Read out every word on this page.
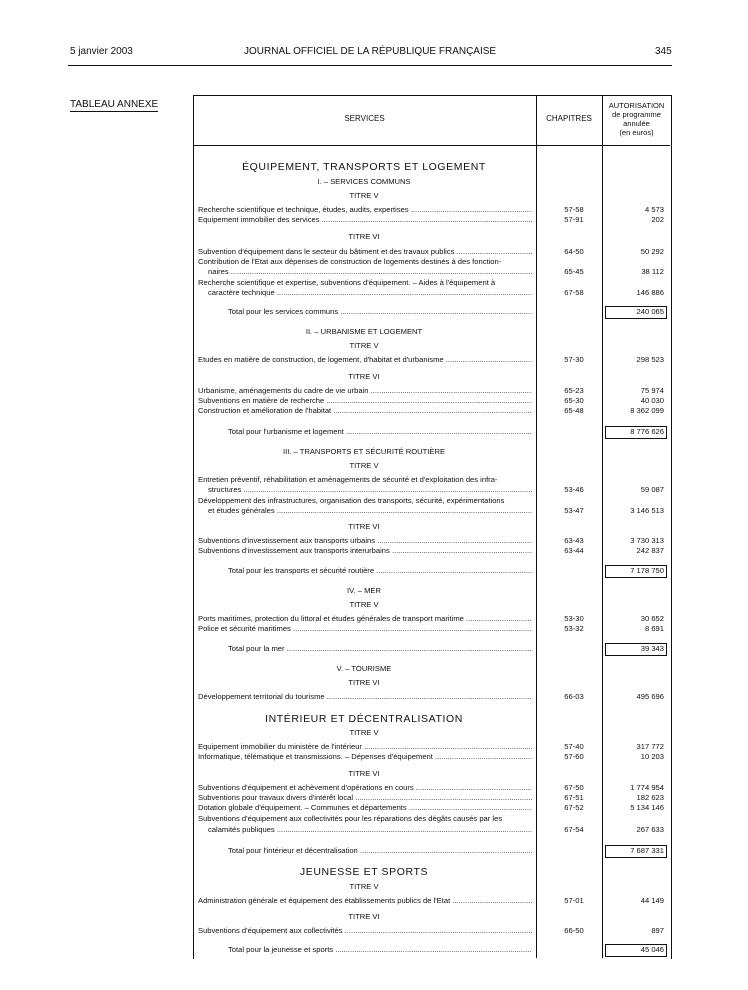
5 janvier 2003	JOURNAL OFFICIEL DE LA RÉPUBLIQUE FRANÇAISE	345
TABLEAU ANNEXE
SERVICES	CHAPITRES
AUTORISATION
de programme
annulée
(en euros)
ÉQUIPEMENT, TRANSPORTS ET LOGEMENT
I. – SERVICES COMMUNS
TITRE V
Recherche scientifique et technique, études, audits, expertises .....	57-58	4 573
Equipement immobilier des services .....	57-91	202
TITRE VI
Subvention d'équipement dans le secteur du bâtiment et des travaux publics .....	64-50	50 292
Contribution de l'Etat aux dépenses de construction de logements destinés à des fonction-
naires .....	65-45	38 112
Recherche scientifique et expertise, subventions d'équipement. – Aides à l'équipement à
caractère technique .....	67-58	146 886
Total pour les services communs .....	240 065
II. – URBANISME ET LOGEMENT
TITRE V
Etudes en matière de construction, de logement, d'habitat et d'urbanisme .....	57-30	298 523
TITRE VI
Urbanisme, aménagements du cadre de vie urbain .....	65-23	75 974
Subventions en matière de recherche .....	65-30	40 030
Construction et amélioration de l'habitat .....	65-48	8 362 099
Total pour l'urbanisme et logement .....	8 776 626
III. – TRANSPORTS ET SÉCURITÉ ROUTIÈRE
TITRE V
Entretien préventif, réhabilitation et aménagements de sécurité et d'exploitation des infra-
structures .....	53-46	59 087
Développement des infrastructures, organisation des transports, sécurité, expérimentations
et études générales .....	53-47	3 146 513
TITRE VI
Subventions d'investissement aux transports urbains .....	63-43	3 730 313
Subventions d'investissement aux transports interurbains .....	63-44	242 837
Total pour les transports et sécurité routière .....	7 178 750
IV. – MER
TITRE V
Ports maritimes, protection du littoral et études générales de transport maritime .....	53-30	30 652
Police et sécurité maritimes .....	53-32	8 691
Total pour la mer .....	39 343
V. – TOURISME
TITRE VI
Développement territorial du tourisme .....	66-03	495 696
INTÉRIEUR ET DÉCENTRALISATION
TITRE V
Equipement immobilier du ministère de l'intérieur .....	57-40	317 772
Informatique, télématique et transmissions. – Dépenses d'équipement .....	57-60	10 203
TITRE VI
Subventions d'équipement et achèvement d'opérations en cours .....	67-50	1 774 954
Subventions pour travaux divers d'intérêt local .....	67-51	182 623
Dotation globale d'équipement. – Communes et départements .....	67-52	5 134 146
Subventions d'équipement aux collectivités pour les réparations des dégâts causés par les
calamités publiques .....	67-54	267 633
Total pour l'intérieur et décentralisation .....	7 687 331
JEUNESSE ET SPORTS
TITRE V
Administration générale et équipement des établissements publics de l'Etat .....	57-01	44 149
TITRE VI
Subventions d'équipement aux collectivités .....	66-50	897
Total pour la jeunesse et sports .....	45 046
